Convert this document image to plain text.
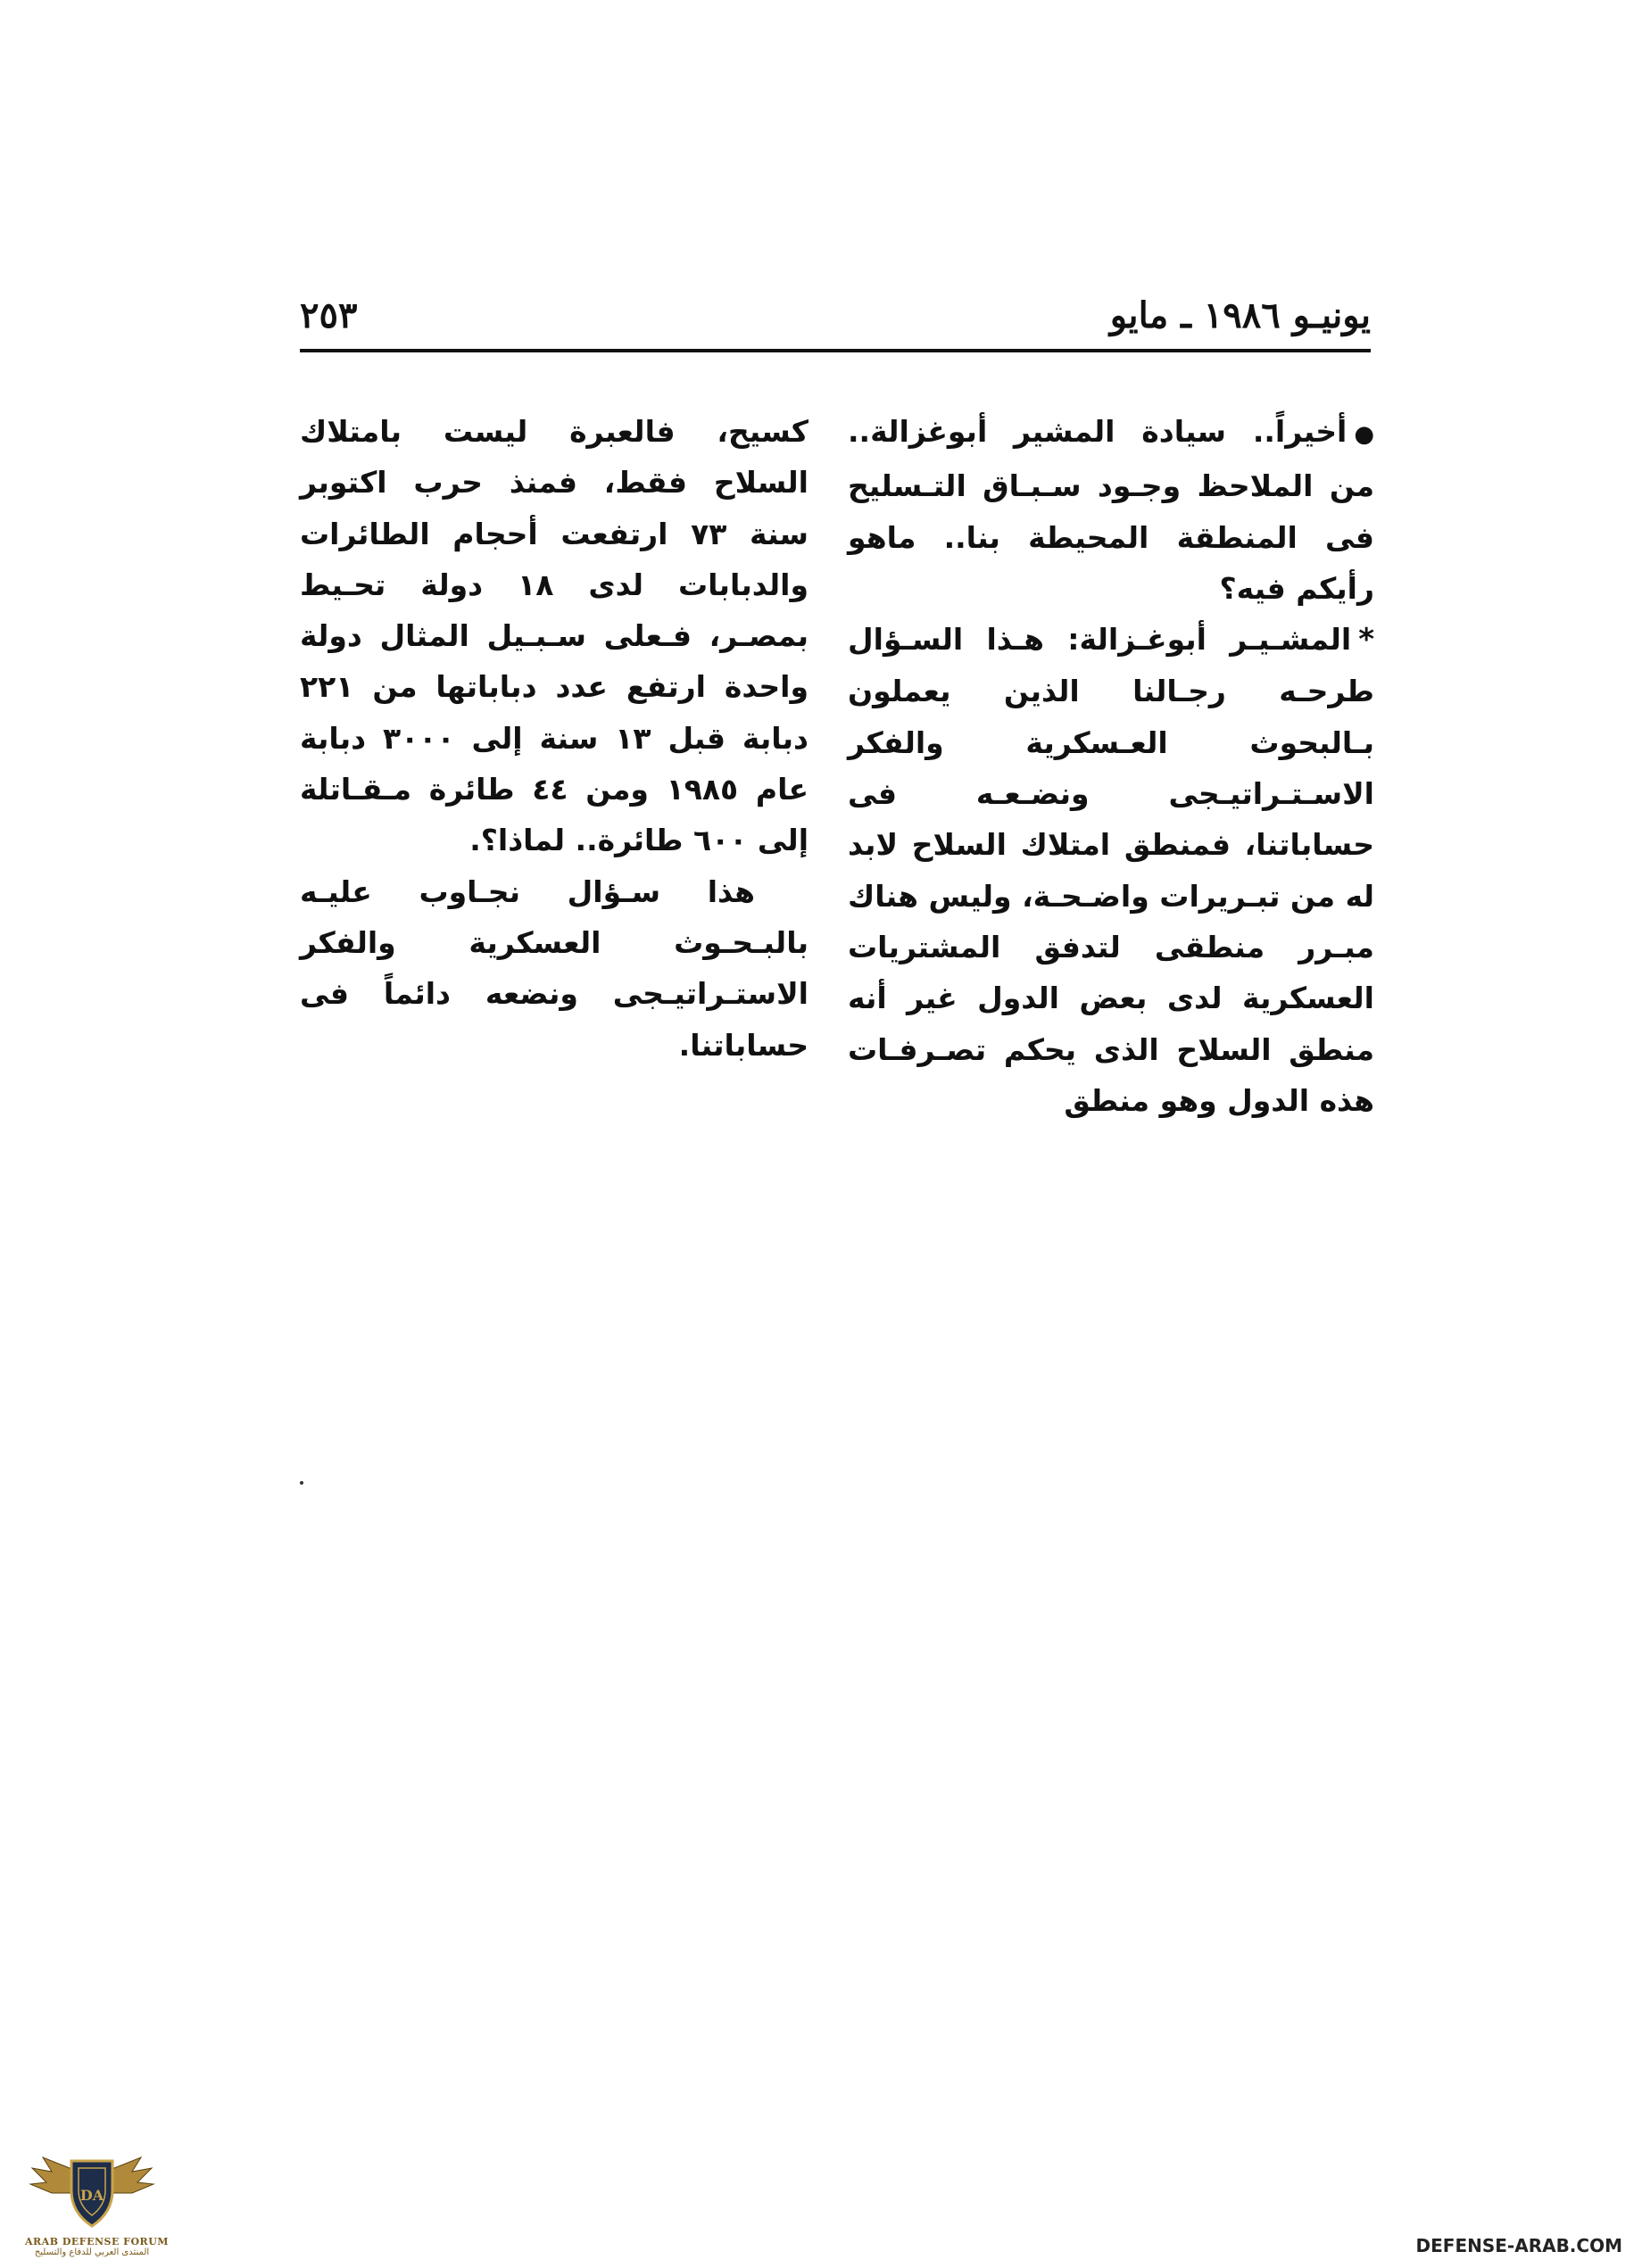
يونيـو ١٩٨٦ ـ مايو
٢٥٣

●أخيراً.. سيادة المشير أبوغزالة.. من الملاحظ وجـود سـبـاق التـسليح فى المنطقة المحيطة بنا.. ماهو رأيكم فيه؟

*المشـيـر أبوغـزالة: هـذا السـؤال طرحـه رجـالنا الذين يعملون بـالبحوث العـسكرية والفكر الاسـتـراتيـجى ونضـعـه فى حساباتنا، فمنطق امتلاك السلاح لابد له من تبـريرات واضـحـة، وليس هناك مبـرر منطقى لتدفق المشتريات العسكرية لدى بعض الدول غير أنه منطق السلاح الذى يحكم تصـرفـات هذه الدول وهو منطق

كسيح، فالعبرة ليست بامتلاك السلاح فقط، فمنذ حرب اكتوبر سنة ٧٣ ارتفعت أحجام الطائرات والدبابات لدى ١٨ دولة تحـيط بمصـر، فـعلى سـبـيل المثال دولة واحدة ارتفع عدد دباباتها من ٢٢١ دبابة قبل ١٣ سنة إلى ٣٠٠٠ دبابة عام ١٩٨٥ ومن ٤٤ طائرة مـقـاتلة إلى ٦٠٠ طائرة.. لماذا؟.

هذا سـؤال نجـاوب عليـه بالبـحـوث العسكرية والفكر الاستـراتيـجى ونضعه دائماً فى حساباتنا.

DA
ARAB DEFENSE FORUM
المنتدى العربي للدفاع والتسليح	DEFENSE-ARAB.COM
